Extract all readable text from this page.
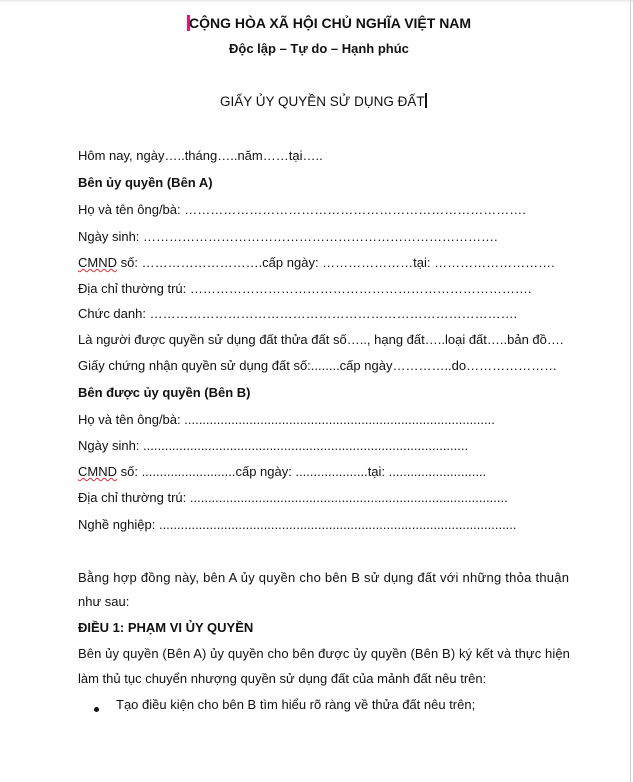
CỘNG HÒA XÃ HỘI CHỦ NGHĨA VIỆT NAM
Độc lập – Tự do – Hạnh phúc
GIẤY ỦY QUYỀN SỬ DỤNG ĐẤT
Hôm nay, ngày…..tháng…..năm……tại…..
Bên ủy quyền (Bên A)
Họ và tên ông/bà: …………………………………………………………………….
Ngày sinh: ……………………………………………………………………….
CMND số: ……………………….cấp ngày: …………………tại: ……………………….
Địa chỉ thường trú: …………………………………………………………………….
Chức danh: ………………………………………………………………………….
Là người được quyền sử dụng đất thửa đất số….., hạng đất…..loại đất…..bản đồ….
Giấy chứng nhận quyền sử dụng đất số:........cấp ngày…………..do…………………
Bên được ủy quyền (Bên B)
Họ và tên ông/bà: ......................................................................................
Ngày sinh: ..........................................................................................
CMND số: ..........................cấp ngày: ....................tại: ...........................
Địa chỉ thường trú: ........................................................................................
Nghề nghiệp: ...................................................................................................
Bằng hợp đồng này, bên A ủy quyền cho bên B sử dụng đất với những thỏa thuận
như sau:
ĐIỀU 1: PHẠM VI ỦY QUYỀN
Bên ủy quyền (Bên A) ủy quyền cho bên được ủy quyền (Bên B) ký kết và thực hiện
làm thủ tục chuyển nhượng quyền sử dụng đất của mảnh đất nêu trên:
Tạo điều kiện cho bên B tìm hiểu rõ ràng về thửa đất nêu trên;
